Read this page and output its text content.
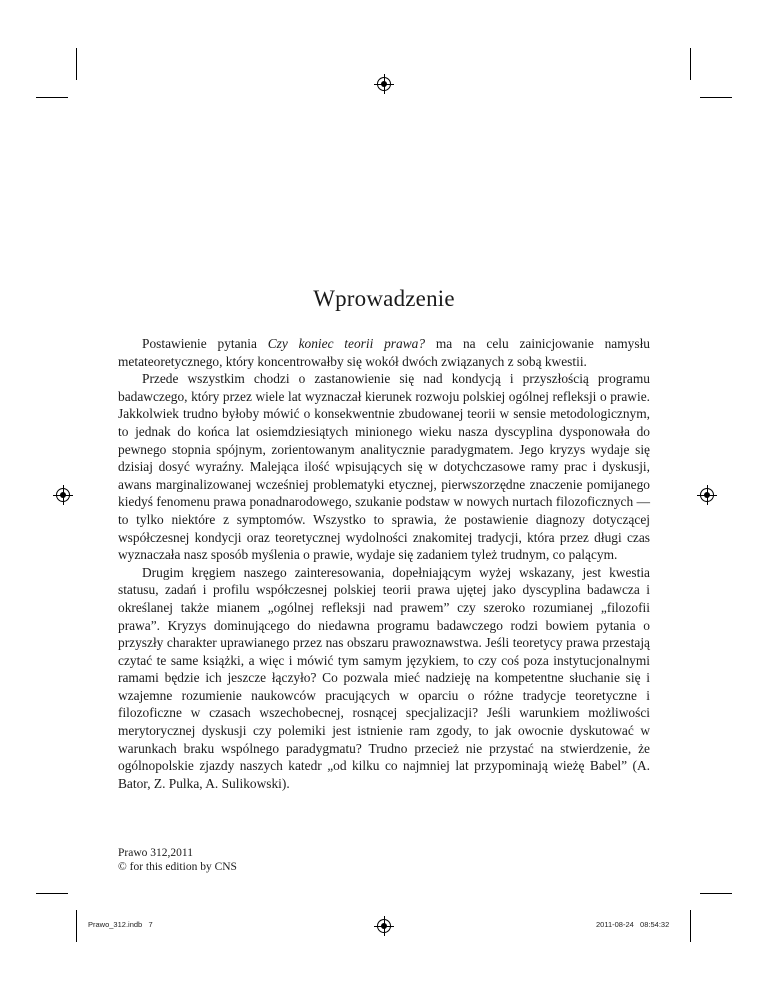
Wprowadzenie

Postawienie pytania Czy koniec teorii prawa? ma na celu zainicjowanie namysłu metateoretycznego, który koncentrowałby się wokół dwóch związanych z sobą kwestii.

Przede wszystkim chodzi o zastanowienie się nad kondycją i przyszłością programu badawczego, który przez wiele lat wyznaczał kierunek rozwoju polskiej ogólnej refleksji o prawie. Jakkolwiek trudno byłoby mówić o konsekwentnie zbudowanej teorii w sensie metodologicznym, to jednak do końca lat osiemdziesiątych minionego wieku nasza dyscyplina dysponowała do pewnego stopnia spójnym, zorientowanym analitycznie paradygmatem. Jego kryzys wydaje się dzisiaj dosyć wyraźny. Malejąca ilość wpisujących się w dotychczasowe ramy prac i dyskusji, awans marginalizowanej wcześniej problematyki etycznej, pierwszorzędne znaczenie pomijanego kiedyś fenomenu prawa ponadnarodowego, szukanie podstaw w nowych nurtach filozoficznych — to tylko niektóre z symptomów. Wszystko to sprawia, że postawienie diagnozy dotyczącej współczesnej kondycji oraz teoretycznej wydolności znakomitej tradycji, która przez długi czas wyznaczała nasz sposób myślenia o prawie, wydaje się zadaniem tyleż trudnym, co palącym.

Drugim kręgiem naszego zainteresowania, dopełniającym wyżej wskazany, jest kwestia statusu, zadań i profilu współczesnej polskiej teorii prawa ujętej jako dyscyplina badawcza i określanej także mianem „ogólnej refleksji nad prawem” czy szeroko rozumianej „filozofii prawa”. Kryzys dominującego do niedawna programu badawczego rodzi bowiem pytania o przyszły charakter uprawianego przez nas obszaru prawoznawstwa. Jeśli teoretycy prawa przestają czytać te same książki, a więc i mówić tym samym językiem, to czy coś poza instytucjonalnymi ramami będzie ich jeszcze łączyło? Co pozwala mieć nadzieję na kompetentne słuchanie się i wzajemne rozumienie naukowców pracujących w oparciu o różne tradycje teoretyczne i filozoficzne w czasach wszechobecnej, rosnącej specjalizacji? Jeśli warunkiem możliwości merytorycznej dyskusji czy polemiki jest istnienie ram zgody, to jak owocnie dyskutować w warunkach braku wspólnego paradygmatu? Trudno przecież nie przystać na stwierdzenie, że ogólnopolskie zjazdy naszych katedr „od kilku co najmniej lat przypominają wieżę Babel” (A. Bator, Z. Pulka, A. Sulikowski).

Prawo 312,2011
© for this edition by CNS
Prawo_312.indb   7	2011-08-24   08:54:32
